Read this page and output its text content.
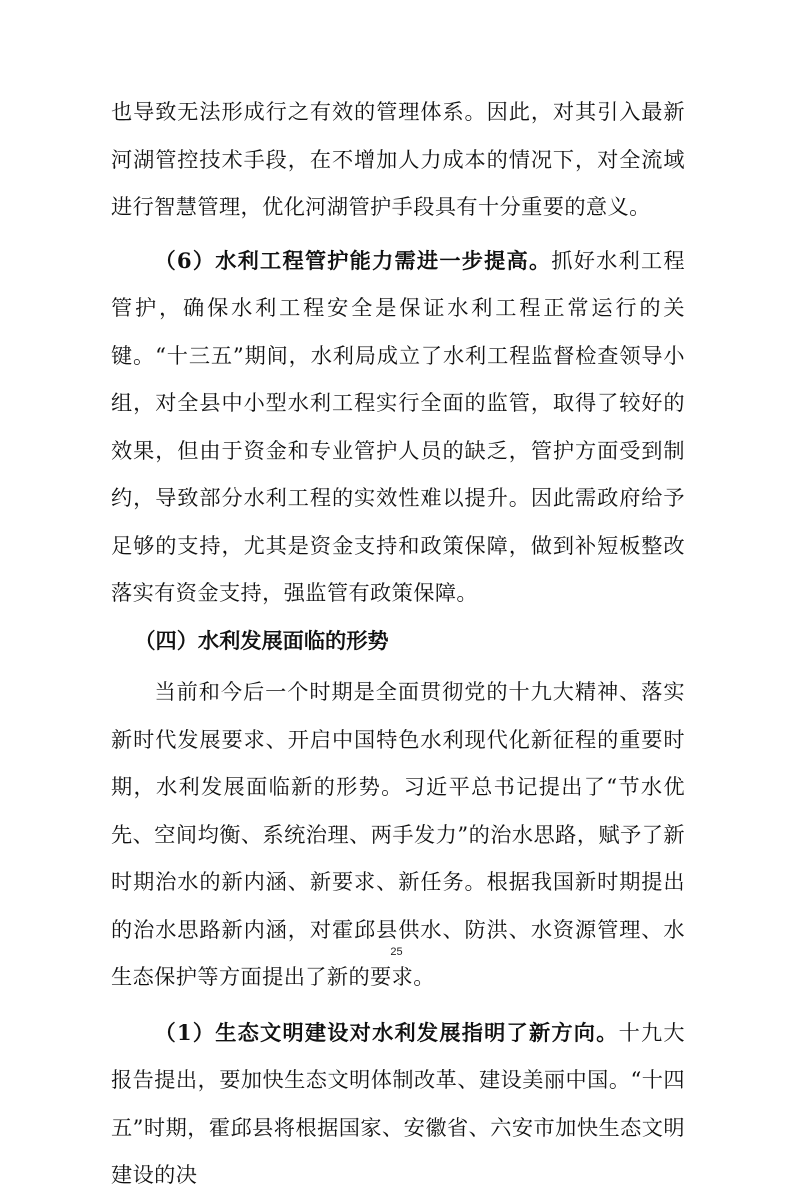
也导致无法形成行之有效的管理体系。因此，对其引入最新河湖管控技术手段，在不增加人力成本的情况下，对全流域进行智慧管理，优化河湖管护手段具有十分重要的意义。

（6）水利工程管护能力需进一步提高。抓好水利工程管护，确保水利工程安全是保证水利工程正常运行的关键。“十三五”期间，水利局成立了水利工程监督检查领导小组，对全县中小型水利工程实行全面的监管，取得了较好的效果，但由于资金和专业管护人员的缺乏，管护方面受到制约，导致部分水利工程的实效性难以提升。因此需政府给予足够的支持，尤其是资金支持和政策保障，做到补短板整改落实有资金支持，强监管有政策保障。

（四）水利发展面临的形势

当前和今后一个时期是全面贯彻党的十九大精神、落实新时代发展要求、开启中国特色水利现代化新征程的重要时期，水利发展面临新的形势。习近平总书记提出了“节水优先、空间均衡、系统治理、两手发力”的治水思路，赋予了新时期治水的新内涵、新要求、新任务。根据我国新时期提出的治水思路新内涵，对霍邱县供水、防洪、水资源管理、水生态保护等方面提出了新的要求。

（1）生态文明建设对水利发展指明了新方向。十九大报告提出，要加快生态文明体制改革、建设美丽中国。“十四五”时期，霍邱县将根据国家、安徽省、六安市加快生态文明建设的决

25
